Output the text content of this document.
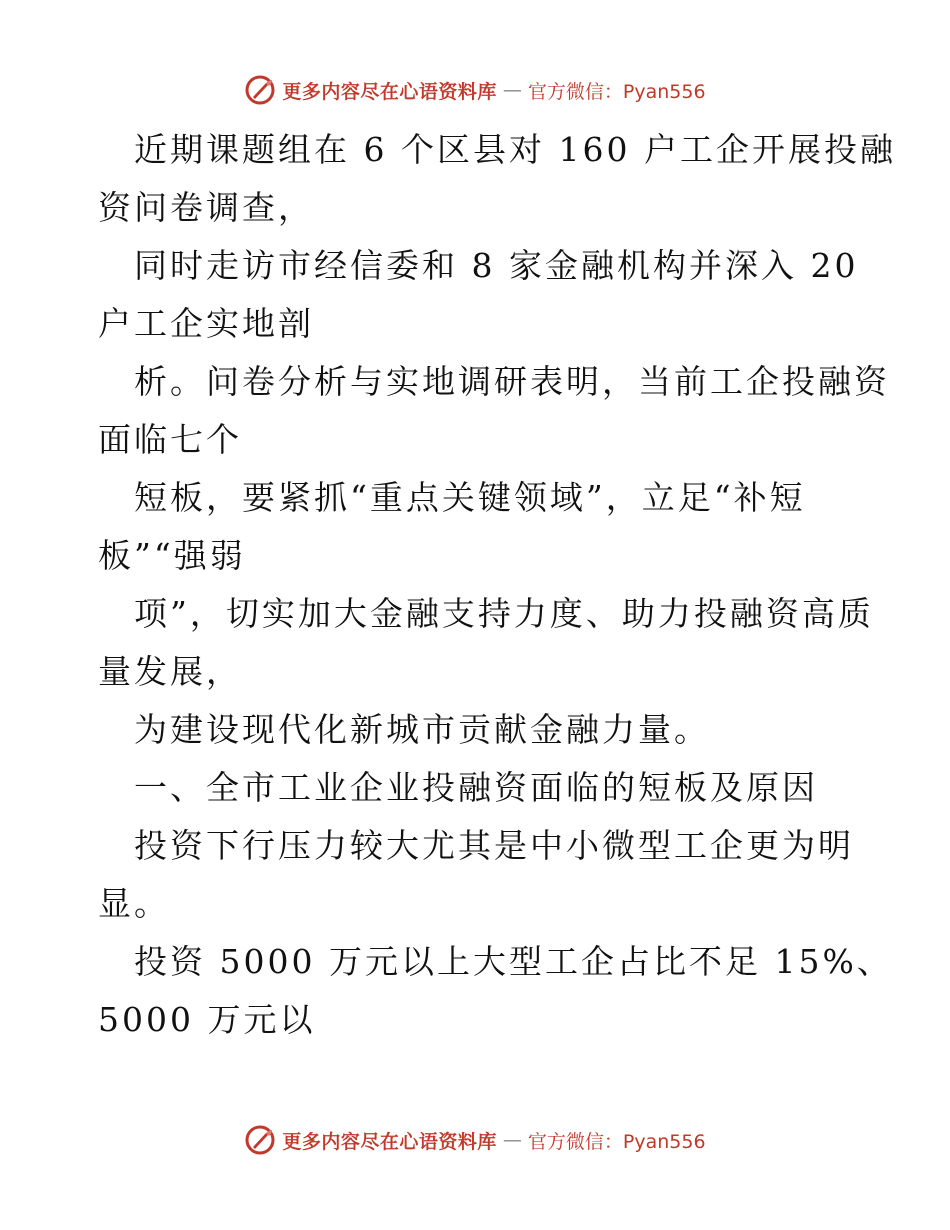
更多内容尽在心语资料库 — 官方微信：Pyan556
近期课题组在 6 个区县对 160 户工企开展投融
资问卷调查，
同时走访市经信委和 8 家金融机构并深入 20
户工企实地剖
析。问卷分析与实地调研表明，当前工企投融资
面临七个
短板，要紧抓“重点关键领域”，立足“补短
板”“强弱
项”，切实加大金融支持力度、助力投融资高质
量发展，
为建设现代化新城市贡献金融力量。
一、全市工业企业投融资面临的短板及原因
投资下行压力较大尤其是中小微型工企更为明
显。
投资 5000 万元以上大型工企占比不足 15%、
5000 万元以
更多内容尽在心语资料库 — 官方微信：Pyan556
